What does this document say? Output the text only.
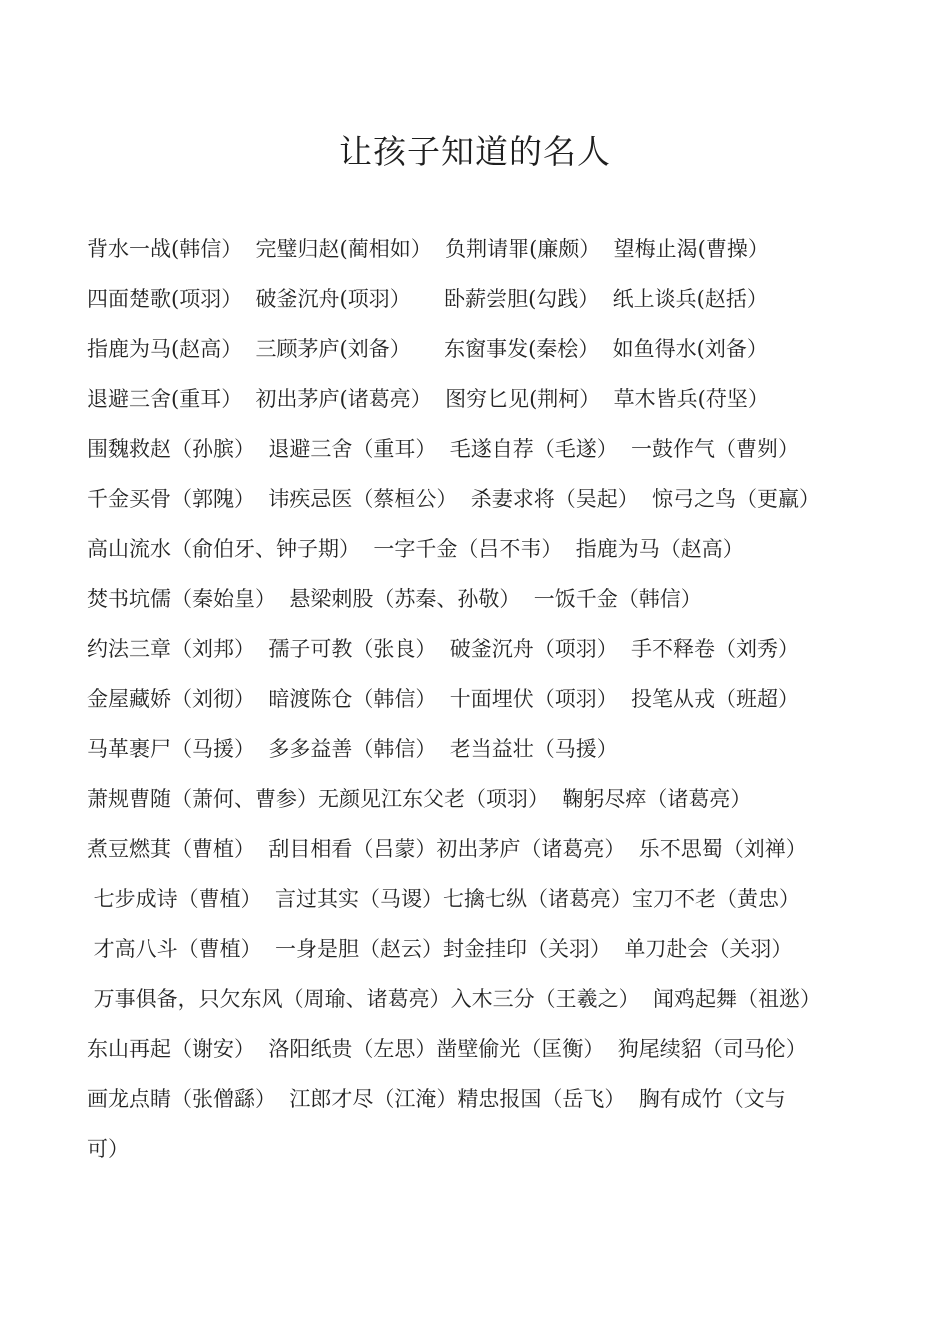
让孩子知道的名人
背水一战(韩信）  完璧归赵(蔺相如）  负荆请罪(廉颇）  望梅止渴(曹操）
四面楚歌(项羽）  破釜沉舟(项羽）     卧薪尝胆(勾践）  纸上谈兵(赵括）
指鹿为马(赵高）  三顾茅庐(刘备）     东窗事发(秦桧）  如鱼得水(刘备）
退避三舍(重耳）  初出茅庐(诸葛亮）  图穷匕见(荆柯）  草木皆兵(苻坚）
围魏救赵（孙膑）  退避三舍（重耳）  毛遂自荐（毛遂）  一鼓作气（曹刿）
千金买骨（郭隗）  讳疾忌医（蔡桓公）  杀妻求将（吴起）  惊弓之鸟（更羸）
高山流水（俞伯牙、钟子期）  一字千金（吕不韦）  指鹿为马（赵高）
焚书坑儒（秦始皇）  悬梁刺股（苏秦、孙敬）  一饭千金（韩信）
约法三章（刘邦）  孺子可教（张良）  破釜沉舟（项羽）  手不释卷（刘秀）
金屋藏娇（刘彻）  暗渡陈仓（韩信）  十面埋伏（项羽）  投笔从戎（班超）
马革裹尸（马援）  多多益善（韩信）  老当益壮（马援）
萧规曹随（萧何、曹参）无颜见江东父老（项羽）  鞠躬尽瘁（诸葛亮）
煮豆燃萁（曹植）  刮目相看（吕蒙）初出茅庐（诸葛亮）  乐不思蜀（刘禅）
七步成诗（曹植）  言过其实（马谡）七擒七纵（诸葛亮）宝刀不老（黄忠）
才高八斗（曹植）  一身是胆（赵云）封金挂印（关羽）  单刀赴会（关羽）
万事俱备，只欠东风（周瑜、诸葛亮）入木三分（王羲之）  闻鸡起舞（祖逖）
东山再起（谢安）  洛阳纸贵（左思）凿壁偷光（匡衡）  狗尾续貂（司马伦）
画龙点睛（张僧繇）  江郎才尽（江淹）精忠报国（岳飞）  胸有成竹（文与
可）
